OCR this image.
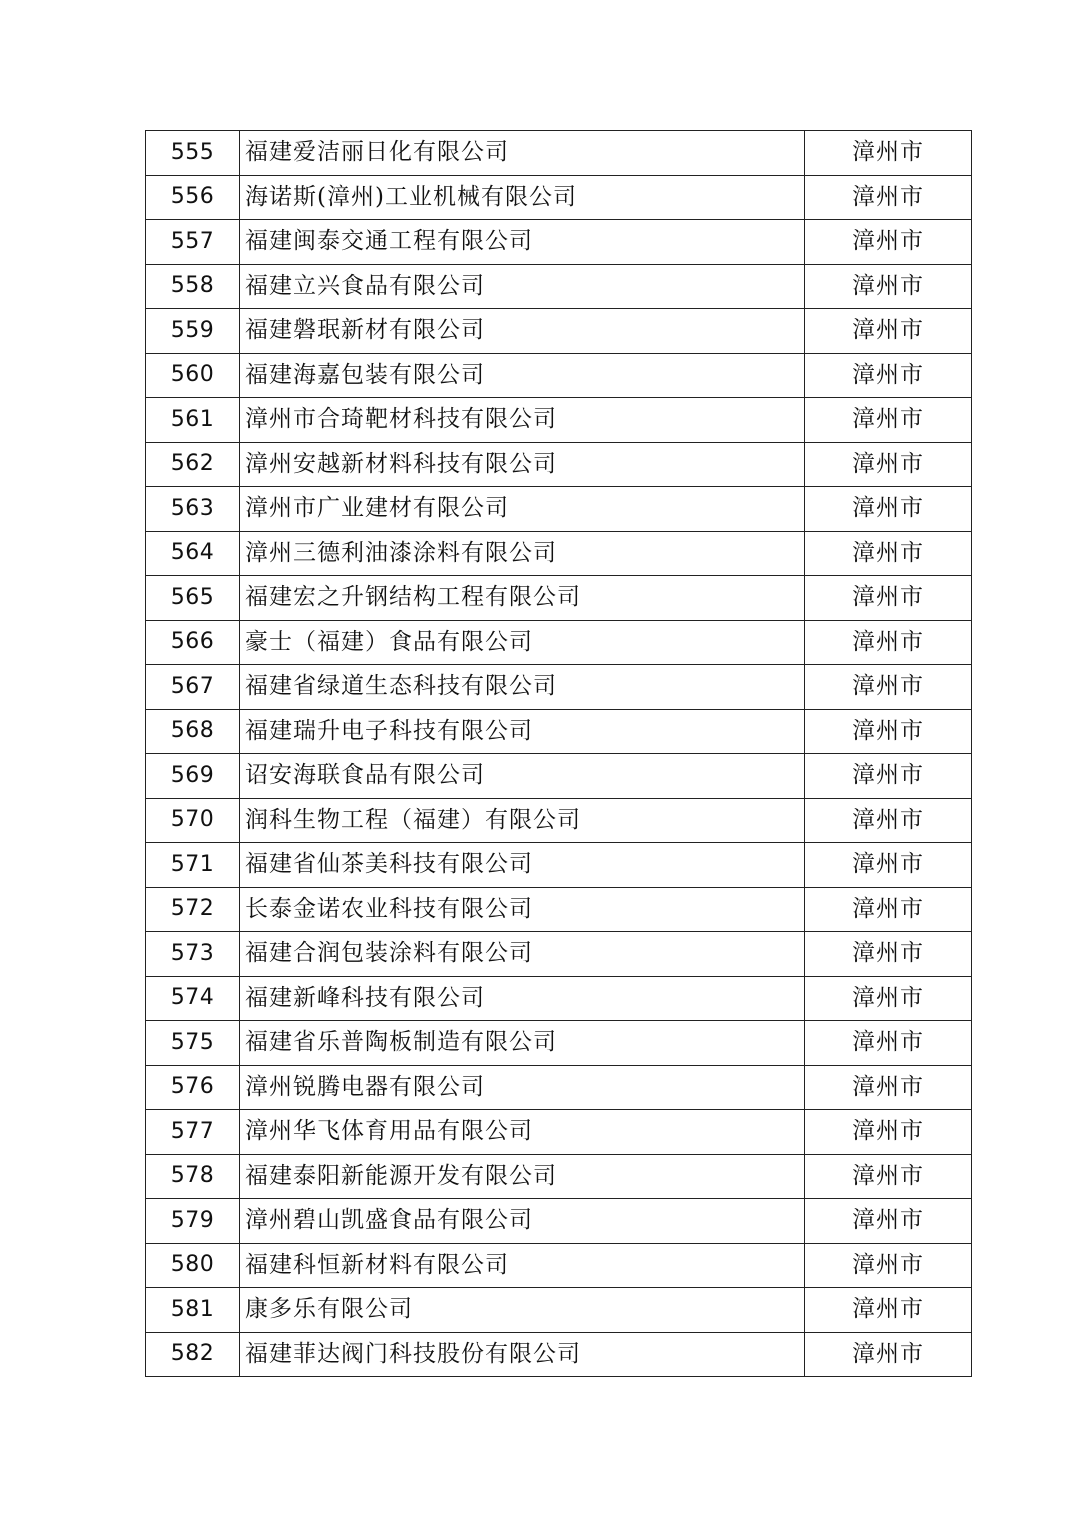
555	福建爱洁丽日化有限公司	漳州市
556	海诺斯(漳州)工业机械有限公司	漳州市
557	福建闽泰交通工程有限公司	漳州市
558	福建立兴食品有限公司	漳州市
559	福建磐珉新材有限公司	漳州市
560	福建海嘉包装有限公司	漳州市
561	漳州市合琦靶材科技有限公司	漳州市
562	漳州安越新材料科技有限公司	漳州市
563	漳州市广业建材有限公司	漳州市
564	漳州三德利油漆涂料有限公司	漳州市
565	福建宏之升钢结构工程有限公司	漳州市
566	豪士（福建）食品有限公司	漳州市
567	福建省绿道生态科技有限公司	漳州市
568	福建瑞升电子科技有限公司	漳州市
569	诏安海联食品有限公司	漳州市
570	润科生物工程（福建）有限公司	漳州市
571	福建省仙茶美科技有限公司	漳州市
572	长泰金诺农业科技有限公司	漳州市
573	福建合润包装涂料有限公司	漳州市
574	福建新峰科技有限公司	漳州市
575	福建省乐普陶板制造有限公司	漳州市
576	漳州锐腾电器有限公司	漳州市
577	漳州华飞体育用品有限公司	漳州市
578	福建泰阳新能源开发有限公司	漳州市
579	漳州碧山凯盛食品有限公司	漳州市
580	福建科恒新材料有限公司	漳州市
581	康多乐有限公司	漳州市
582	福建菲达阀门科技股份有限公司	漳州市
